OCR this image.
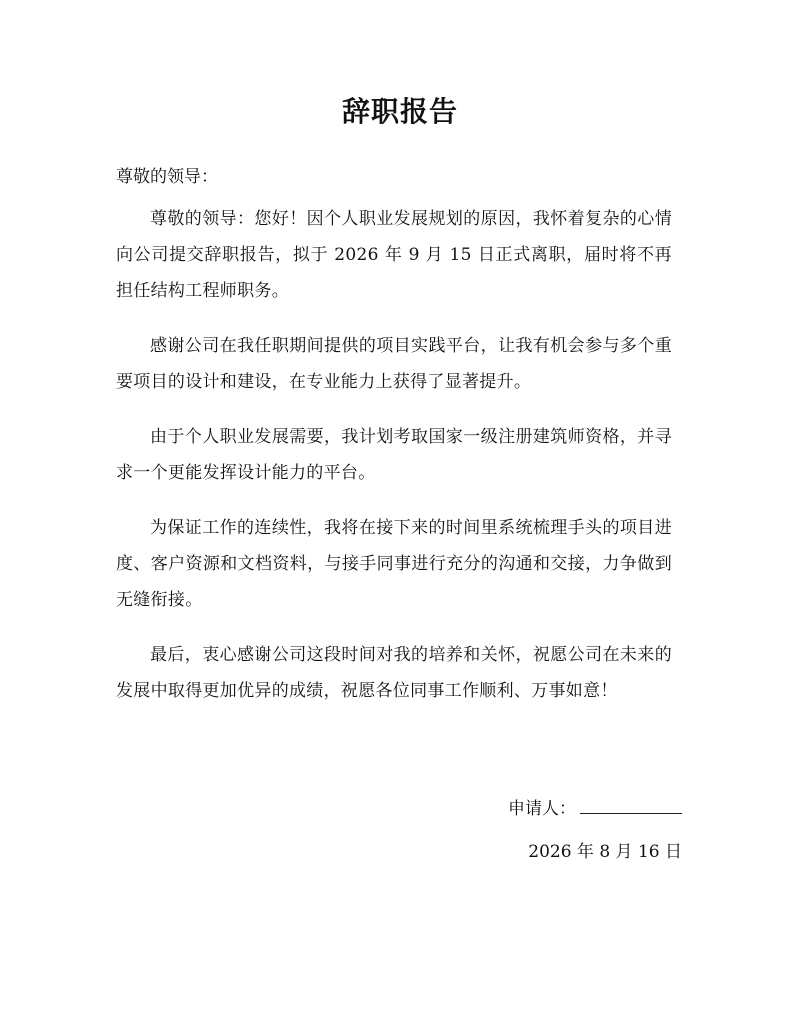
辞职报告
尊敬的领导：

尊敬的领导：您好！因个人职业发展规划的原因，我怀着复杂的心情向公司提交辞职报告，拟于 2026 年 9 月 15 日正式离职，届时将不再担任结构工程师职务。

感谢公司在我任职期间提供的项目实践平台，让我有机会参与多个重要项目的设计和建设，在专业能力上获得了显著提升。

由于个人职业发展需要，我计划考取国家一级注册建筑师资格，并寻求一个更能发挥设计能力的平台。

为保证工作的连续性，我将在接下来的时间里系统梳理手头的项目进度、客户资源和文档资料，与接手同事进行充分的沟通和交接，力争做到无缝衔接。

最后，衷心感谢公司这段时间对我的培养和关怀，祝愿公司在未来的发展中取得更加优异的成绩，祝愿各位同事工作顺利、万事如意！

申请人：
2026 年 8 月 16 日
